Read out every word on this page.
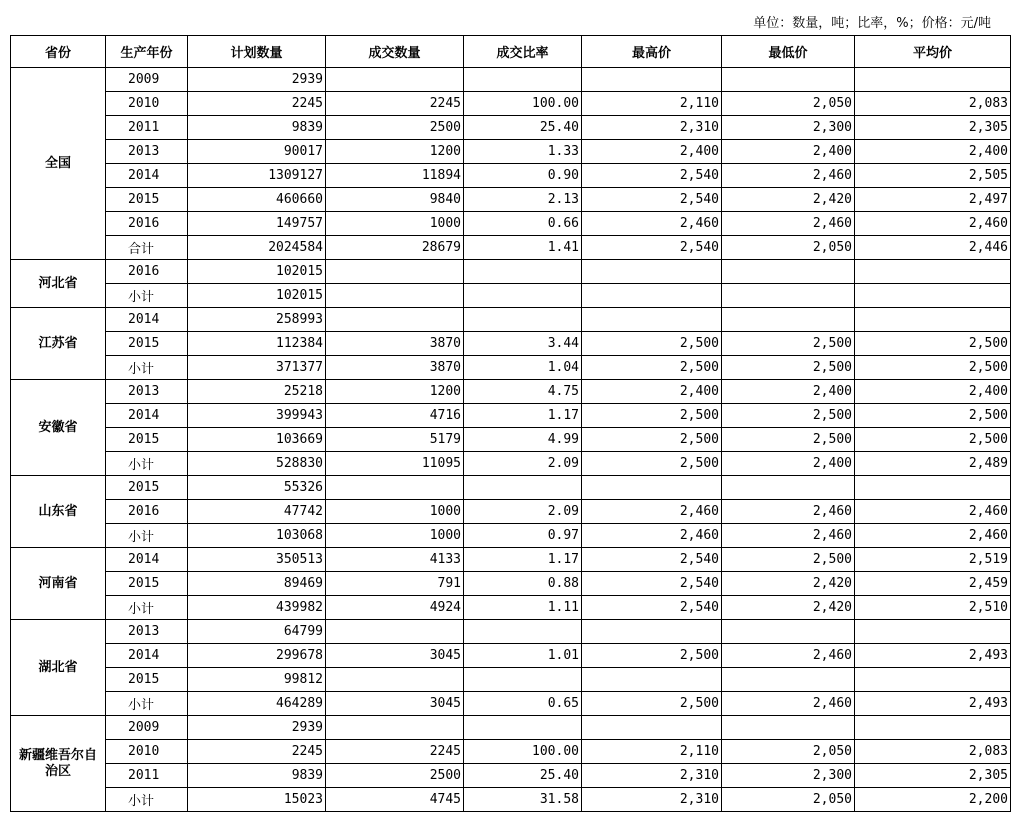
单位：数量，吨；比率，%；价格：元/吨
省份	生产年份	计划数量	成交数量	成交比率	最高价	最低价	平均价
全国	2009	2939					
	2010	2245	2245	100.00	2,110	2,050	2,083
	2011	9839	2500	25.40	2,310	2,300	2,305
	2013	90017	1200	1.33	2,400	2,400	2,400
	2014	1309127	11894	0.90	2,540	2,460	2,505
	2015	460660	9840	2.13	2,540	2,420	2,497
	2016	149757	1000	0.66	2,460	2,460	2,460
	合计	2024584	28679	1.41	2,540	2,050	2,446
河北省	2016	102015					
	小计	102015					
江苏省	2014	258993					
	2015	112384	3870	3.44	2,500	2,500	2,500
	小计	371377	3870	1.04	2,500	2,500	2,500
安徽省	2013	25218	1200	4.75	2,400	2,400	2,400
	2014	399943	4716	1.17	2,500	2,500	2,500
	2015	103669	5179	4.99	2,500	2,500	2,500
	小计	528830	11095	2.09	2,500	2,400	2,489
山东省	2015	55326					
	2016	47742	1000	2.09	2,460	2,460	2,460
	小计	103068	1000	0.97	2,460	2,460	2,460
河南省	2014	350513	4133	1.17	2,540	2,500	2,519
	2015	89469	791	0.88	2,540	2,420	2,459
	小计	439982	4924	1.11	2,540	2,420	2,510
湖北省	2013	64799					
	2014	299678	3045	1.01	2,500	2,460	2,493
	2015	99812					
	小计	464289	3045	0.65	2,500	2,460	2,493
新疆维吾尔自治区	2009	2939					
	2010	2245	2245	100.00	2,110	2,050	2,083
	2011	9839	2500	25.40	2,310	2,300	2,305
	小计	15023	4745	31.58	2,310	2,050	2,200
